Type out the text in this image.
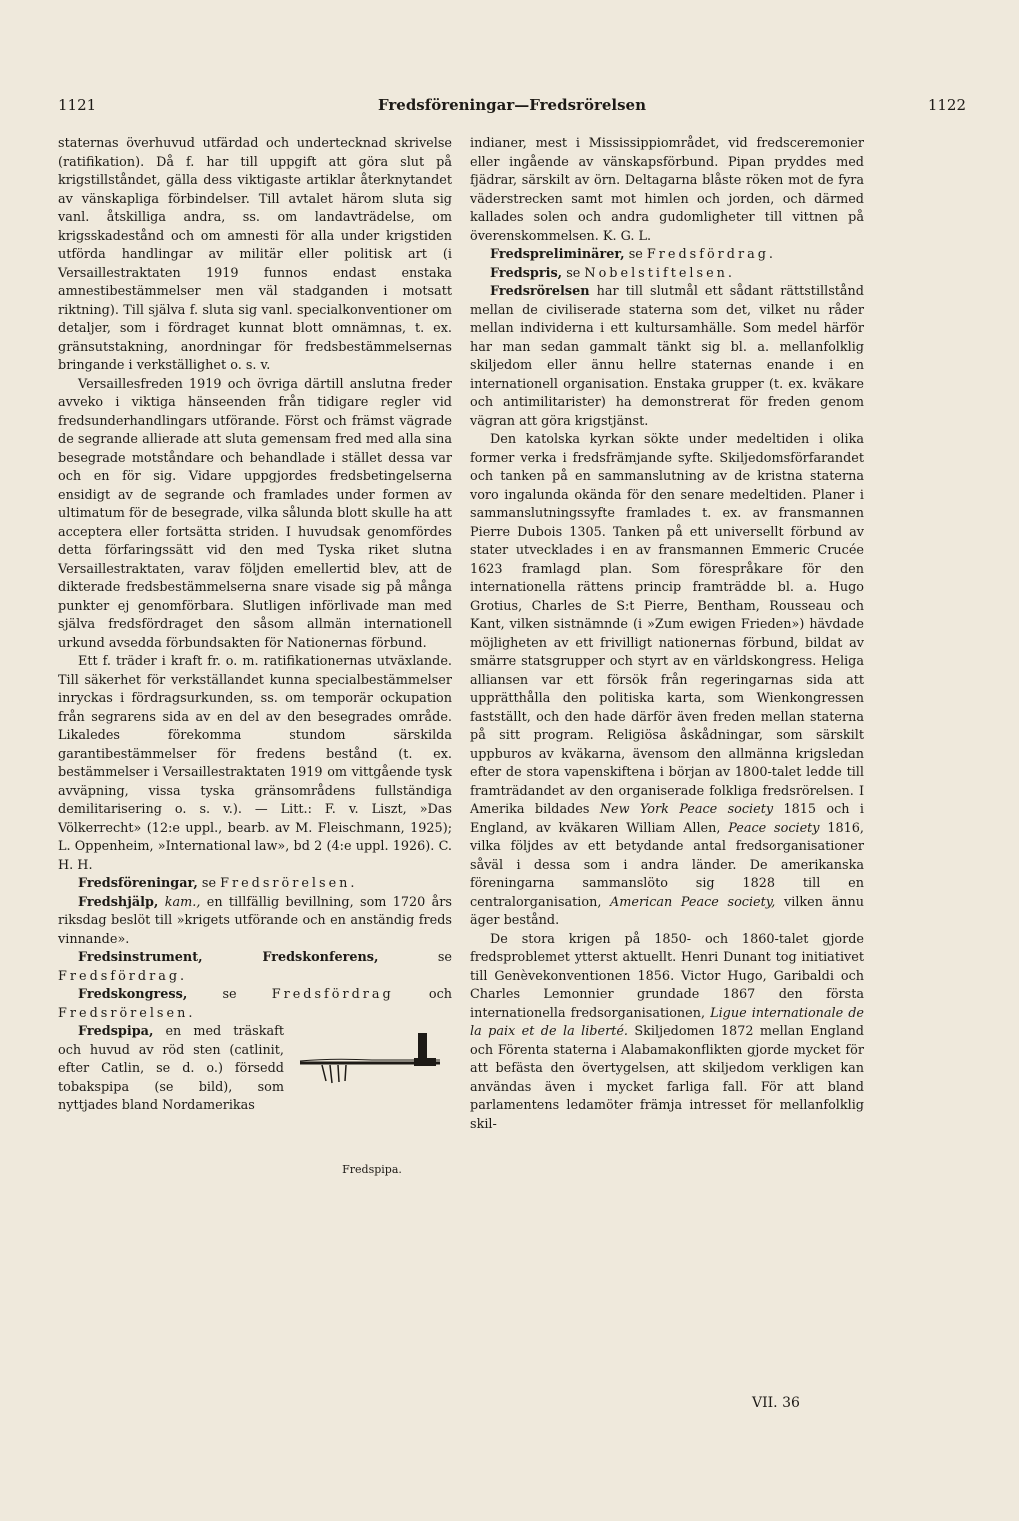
1121	Fredsföreningar—Fredsrörelsen	1122

staternas överhuvud utfärdad och undertecknad skrivelse (ratifikation). Då f. har till uppgift att göra slut på krigstillståndet, gälla dess viktigaste artiklar återknytandet av vänskapliga förbindelser. Till avtalet härom sluta sig vanl. åtskilliga andra, ss. om landavträdelse, om krigsskadestånd och om amnesti för alla under krigstiden utförda handlingar av militär eller politisk art (i Versaillestraktaten 1919 funnos endast enstaka amnestibestämmelser men väl stadganden i motsatt riktning). Till själva f. sluta sig vanl. specialkonventioner om detaljer, som i fördraget kunnat blott omnämnas, t. ex. gränsutstakning, anordningar för fredsbestämmelsernas bringande i verkställighet o. s. v.

Versaillesfreden 1919 och övriga därtill anslutna freder avveko i viktiga hänseenden från tidigare regler vid fredsunderhandlingars utförande. Först och främst vägrade de segrande allierade att sluta gemensam fred med alla sina besegrade motståndare och behandlade i stället dessa var och en för sig. Vidare uppgjordes fredsbetingelserna ensidigt av de segrande och framlades under formen av ultimatum för de besegrade, vilka sålunda blott skulle ha att acceptera eller fortsätta striden. I huvudsak genomfördes detta förfaringssätt vid den med Tyska riket slutna Versaillestraktaten, varav följden emellertid blev, att de dikterade fredsbestämmelserna snare visade sig på många punkter ej genomförbara. Slutligen införlivade man med själva fredsfördraget den såsom allmän internationell urkund avsedda förbundsakten för Nationernas förbund.

Ett f. träder i kraft fr. o. m. ratifikationernas utväxlande. Till säkerhet för verkställandet kunna specialbestämmelser inryckas i fördragsurkunden, ss. om temporär ockupation från segrarens sida av en del av den besegrades område. Likaledes förekomma stundom särskilda garantibestämmelser för fredens bestånd (t. ex. bestämmelser i Versaillestraktaten 1919 om vittgående tysk avväpning, vissa tyska gränsområdens fullständiga demilitarisering o. s. v.). — Litt.: F. v. Liszt, »Das Völkerrecht» (12:e uppl., bearb. av M. Fleischmann, 1925); L. Oppenheim, »International law», bd 2 (4:e uppl. 1926). C. H. H.

Fredsföreningar, se Fredsrörelsen.

Fredshjälp, kam., en tillfällig bevillning, som 1720 års riksdag beslöt till »krigets utförande och en anständig freds vinnande».

Fredsinstrument, Fredskonferens,	se Fredsfördrag.

Fredskongress,	se	Fredsfördrag	och Fredsrörelsen.

Fredspipa.

Fredspipa, en med träskaft och huvud av röd sten (catlinit, efter Catlin, se d. o.) försedd tobakspipa (se bild), som nyttjades bland Nordamerikas

indianer, mest i Mississippiområdet, vid fredsceremonier eller ingående av vänskapsförbund. Pipan pryddes med fjädrar, särskilt av örn. Deltagarna blåste röken mot de fyra väderstrecken samt mot himlen och jorden, och därmed kallades solen och andra gudomligheter till vittnen på överenskommelsen. K. G. L.

Fredspreliminärer, se Fredsfördrag.

Fredspris, se Nobelstiftelsen.

Fredsrörelsen har till slutmål ett sådant rättstillstånd mellan de civiliserade staterna som det, vilket nu råder mellan individerna i ett kultursamhälle. Som medel härför har man sedan gammalt tänkt sig bl. a. mellanfolklig skiljedom eller ännu hellre staternas enande i en internationell organisation. Enstaka grupper (t. ex. kväkare och antimilitarister) ha demonstrerat för freden genom vägran att göra krigstjänst.

Den katolska kyrkan sökte under medeltiden i olika former verka i fredsfrämjande syfte. Skiljedomsförfarandet och tanken på en sammanslutning av de kristna staterna voro ingalunda okända för den senare medeltiden. Planer i sammanslutningssyfte framlades t. ex. av fransmannen Pierre Dubois 1305. Tanken på ett universellt förbund av stater utvecklades i en av fransmannen Emmeric Crucée 1623 framlagd plan. Som förespråkare för den internationella rättens princip framträdde bl. a. Hugo Grotius, Charles de S:t Pierre, Bentham, Rousseau och Kant, vilken sistnämnde (i »Zum ewigen Frieden») hävdade möjligheten av ett frivilligt nationernas förbund, bildat av smärre statsgrupper och styrt av en världskongress. Heliga alliansen var ett försök från regeringarnas sida att upprätthålla den politiska karta, som Wienkongressen fastställt, och den hade därför även freden mellan staterna på sitt program. Religiösa åskådningar, som särskilt uppburos av kväkarna, ävensom den allmänna krigsledan efter de stora vapenskiftena i början av 1800-talet ledde till framträdandet av den organiserade folkliga fredsrörelsen. I Amerika bildades New York Peace society 1815 och i England, av kväkaren William Allen, Peace society 1816, vilka följdes av ett betydande antal fredsorganisationer såväl i dessa som i andra länder. De amerikanska föreningarna sammanslöto sig 1828 till en centralorganisation, American Peace society, vilken ännu äger bestånd.

De stora krigen på 1850- och 1860-talet gjorde fredsproblemet ytterst aktuellt. Henri Dunant tog initiativet till Genèvekonventionen 1856. Victor Hugo, Garibaldi och Charles Lemonnier grundade 1867 den första internationella fredsorganisationen, Ligue internationale de la paix et de la liberté. Skiljedomen 1872 mellan England och Förenta staterna i Alabamakonflikten gjorde mycket för att befästa den övertygelsen, att skiljedom verkligen kan användas även i mycket farliga fall. För att bland parlamentens ledamöter främja intresset för mellanfolklig skil-

VII. 36
